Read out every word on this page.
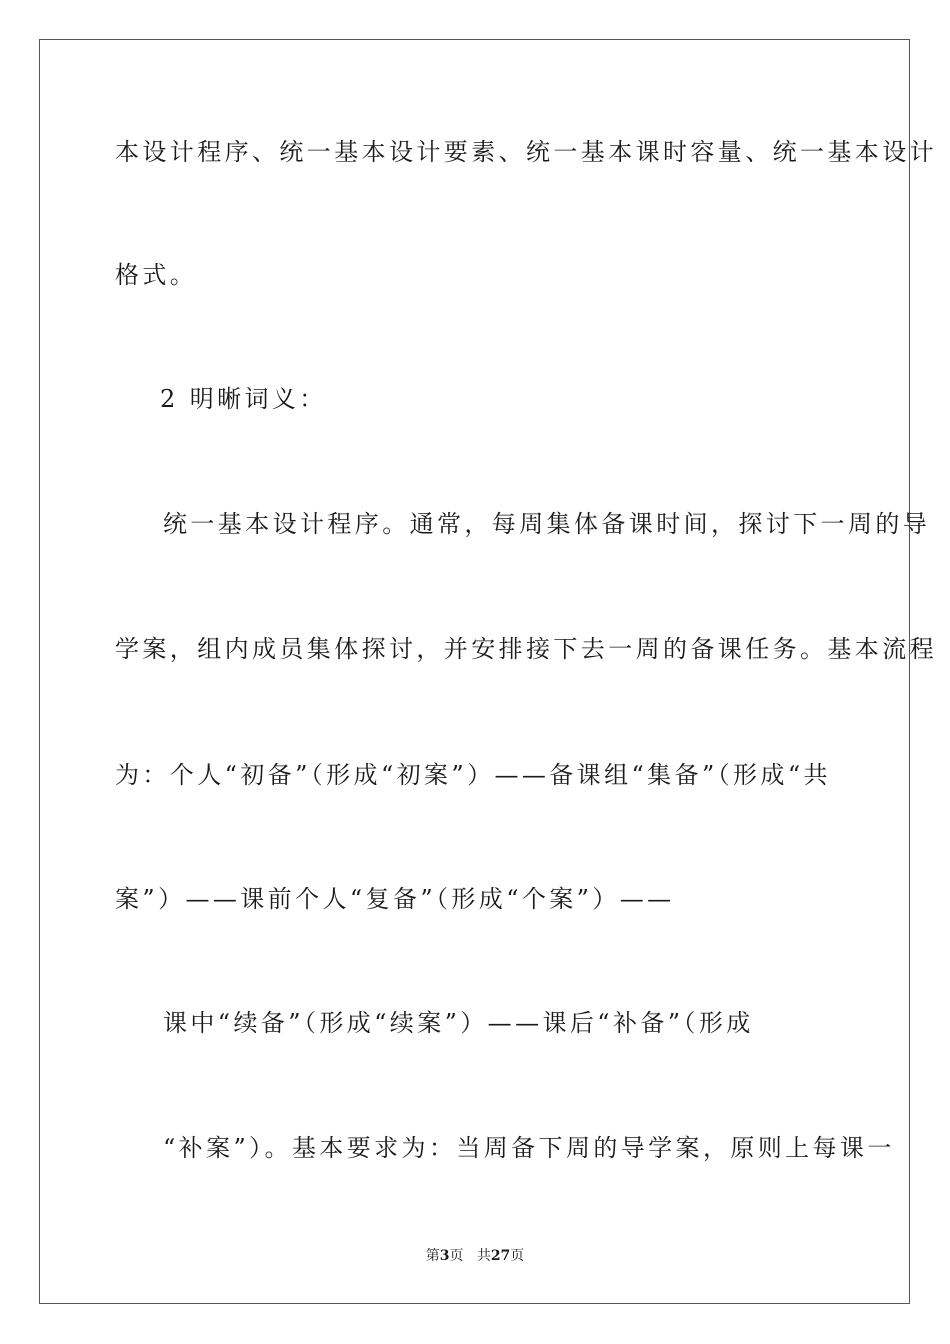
本设计程序、统一基本设计要素、统一基本课时容量、统一基本设计
格式。
2 明晰词义：
统一基本设计程序。通常，每周集体备课时间，探讨下一周的导
学案，组内成员集体探讨，并安排接下去一周的备课任务。基本流程
为：个人“初备”（形成“初案”）——备课组“集备”（形成“共
案”）——课前个人“复备”（形成“个案”）——
课中“续备”（形成“续案”）——课后“补备”（形成
“补案”）。基本要求为：当周备下周的导学案，原则上每课一
第3页 共27页
